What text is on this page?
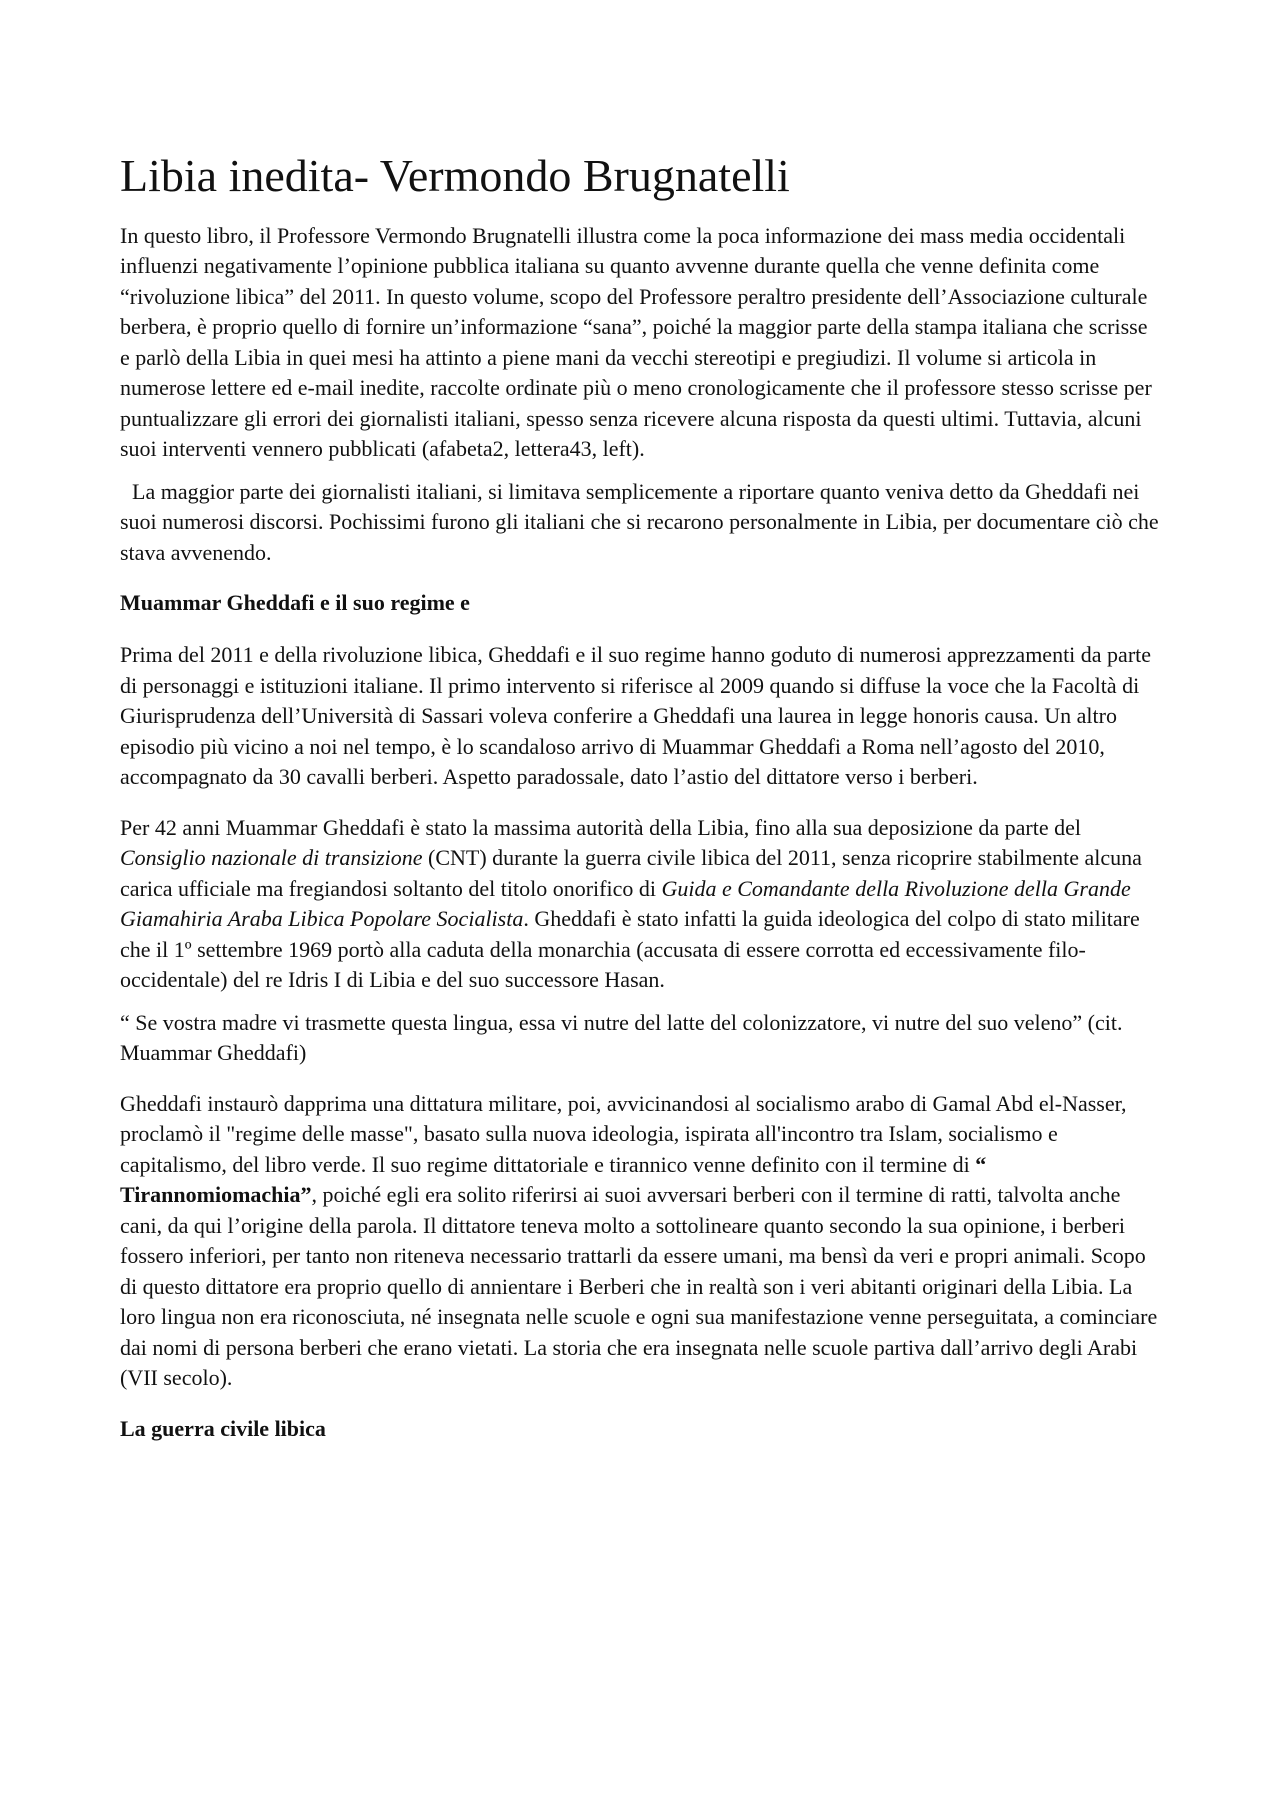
Libia inedita- Vermondo Brugnatelli

In questo libro, il Professore Vermondo Brugnatelli illustra come la poca informazione dei mass media occidentali influenzi negativamente l’opinione pubblica italiana su quanto avvenne durante quella che venne definita come “rivoluzione libica” del 2011. In questo volume, scopo del Professore peraltro presidente dell’Associazione culturale berbera, è proprio quello di fornire un’informazione “sana”, poiché la maggior parte della stampa italiana che scrisse e parlò della Libia in quei mesi ha attinto a piene mani da vecchi stereotipi e pregiudizi. Il volume si articola in numerose lettere ed e-mail inedite, raccolte ordinate più o meno cronologicamente che il professore stesso scrisse per puntualizzare gli errori dei giornalisti italiani, spesso senza ricevere alcuna risposta da questi ultimi. Tuttavia, alcuni suoi interventi vennero pubblicati (afabeta2, lettera43, left).

La maggior parte dei giornalisti italiani, si limitava semplicemente a riportare quanto veniva detto da Gheddafi nei suoi numerosi discorsi. Pochissimi furono gli italiani che si recarono personalmente in Libia, per documentare ciò che stava avvenendo.

Muammar Gheddafi e il suo regime e

Prima del 2011 e della rivoluzione libica, Gheddafi e il suo regime hanno goduto di numerosi apprezzamenti da parte di personaggi e istituzioni italiane. Il primo intervento si riferisce al 2009 quando si diffuse la voce che la Facoltà di Giurisprudenza dell’Università di Sassari voleva conferire a Gheddafi una laurea in legge honoris causa. Un altro episodio più vicino a noi nel tempo, è lo scandaloso arrivo di Muammar Gheddafi a Roma nell’agosto del 2010, accompagnato da 30 cavalli berberi. Aspetto paradossale, dato l’astio del dittatore verso i berberi.

Per 42 anni Muammar Gheddafi è stato la massima autorità della Libia, fino alla sua deposizione da parte del Consiglio nazionale di transizione (CNT) durante la guerra civile libica del 2011, senza ricoprire stabilmente alcuna carica ufficiale ma fregiandosi soltanto del titolo onorifico di Guida e Comandante della Rivoluzione della Grande Giamahiria Araba Libica Popolare Socialista. Gheddafi è stato infatti la guida ideologica del colpo di stato militare che il 1º settembre 1969 portò alla caduta della monarchia (accusata di essere corrotta ed eccessivamente filo-occidentale) del re Idris I di Libia e del suo successore Hasan.

“ Se vostra madre vi trasmette questa lingua, essa vi nutre del latte del colonizzatore, vi nutre del suo veleno” (cit. Muammar Gheddafi)

Gheddafi instaurò dapprima una dittatura militare, poi, avvicinandosi al socialismo arabo di Gamal Abd el-Nasser, proclamò il "regime delle masse", basato sulla nuova ideologia, ispirata all'incontro tra Islam, socialismo e capitalismo, del libro verde. Il suo regime dittatoriale e tirannico venne definito con il termine di “ Tirannomiomachia”, poiché egli era solito riferirsi ai suoi avversari berberi con il termine di ratti, talvolta anche cani, da qui l’origine della parola. Il dittatore teneva molto a sottolineare quanto secondo la sua opinione, i berberi fossero inferiori, per tanto non riteneva necessario trattarli da essere umani, ma bensì da veri e propri animali. Scopo di questo dittatore era proprio quello di annientare i Berberi che in realtà son i veri abitanti originari della Libia. La loro lingua non era riconosciuta, né insegnata nelle scuole e ogni sua manifestazione venne perseguitata, a cominciare dai nomi di persona berberi che erano vietati. La storia che era insegnata nelle scuole partiva dall’arrivo degli Arabi (VII secolo).

La guerra civile libica
